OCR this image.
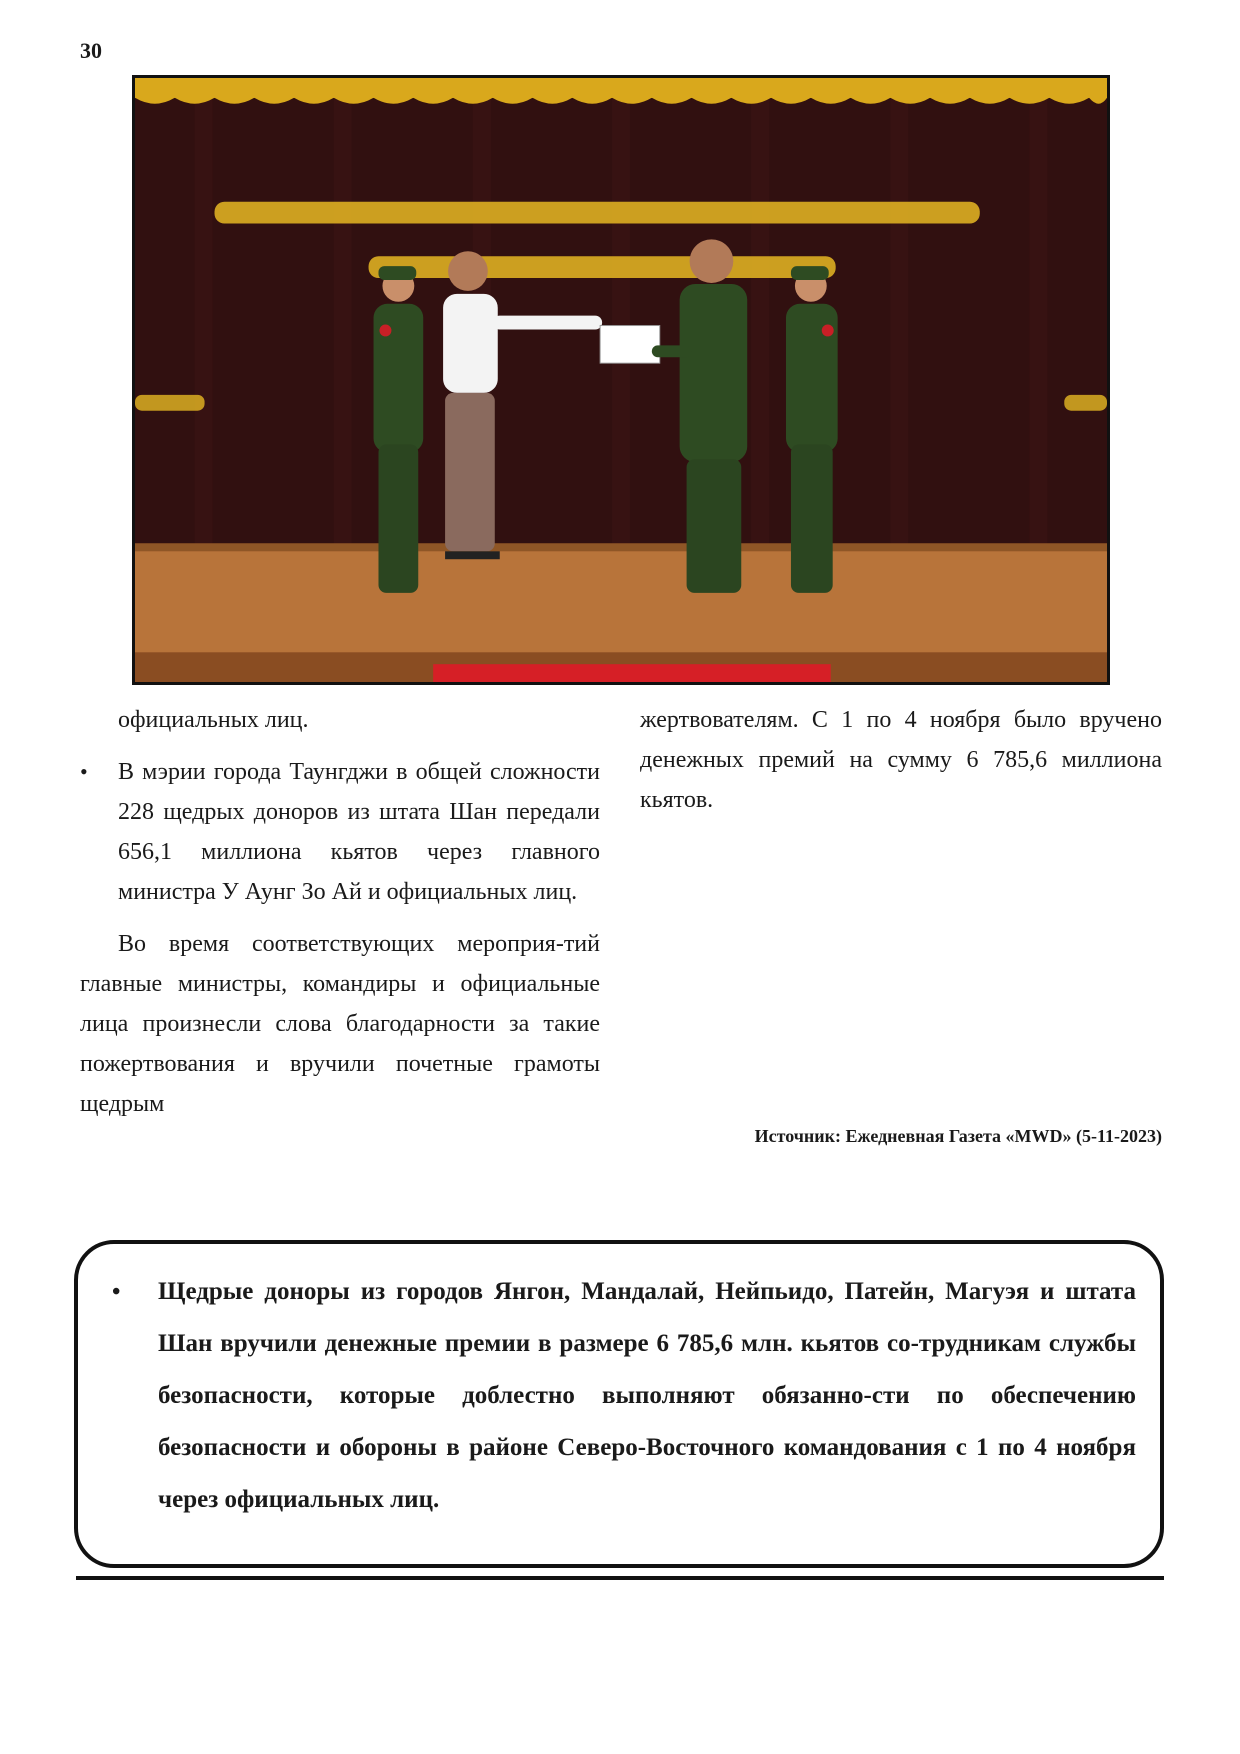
30

официальных лиц.

• В мэрии города Таунгджи в общей сложности 228 щедрых доноров из штата Шан передали 656,1 миллиона кьятов через главного министра У Аунг Зо Ай и официальных лиц.

Во время соответствующих мероприя-тий главные министры, командиры и официальные лица произнесли слова благодарности за такие пожертвования и вручили почетные грамоты щедрым

жертвователям. С 1 по 4 ноября было вручено денежных премий на сумму 6 785,6 миллиона кьятов.

Источник: Ежедневная Газета «MWD» (5-11-2023)

• Щедрые доноры из городов Янгон, Мандалай, Нейпьидо, Патейн, Магуэя и штата Шан вручили денежные премии в размере 6 785,6 млн. кьятов со-трудникам службы безопасности, которые доблестно выполняют обязанно-сти по обеспечению безопасности и обороны в районе Северо-Восточного командования с 1 по 4 ноября через официальных лиц.
